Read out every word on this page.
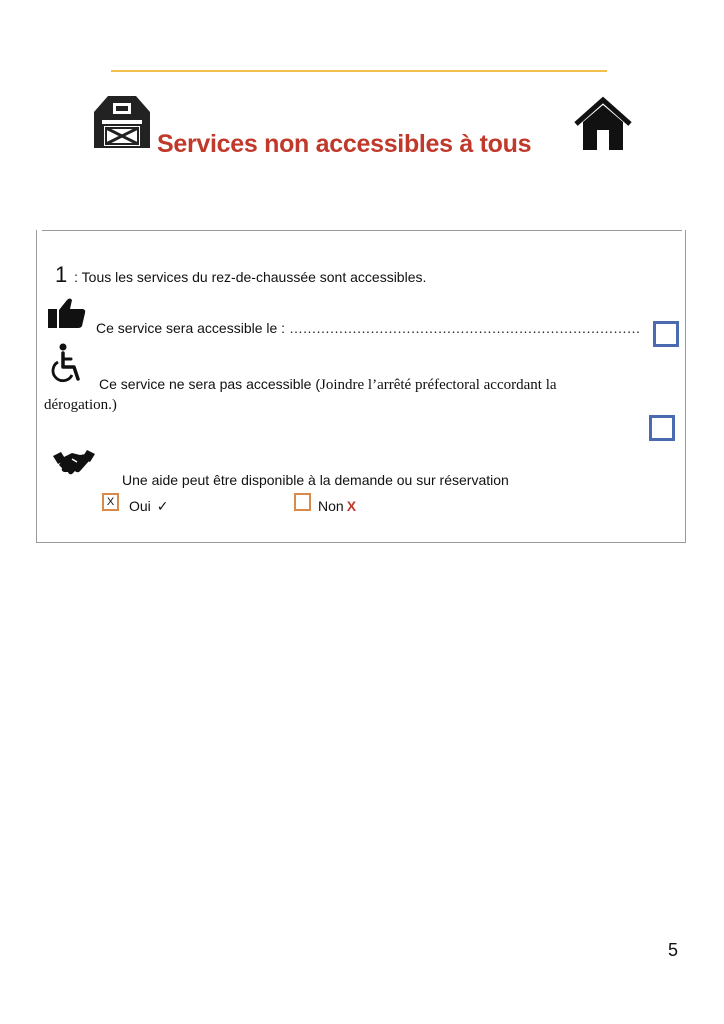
Services non accessibles à tous
1 : Tous les services du rez-de-chaussée sont accessibles.
Ce service sera accessible le : ……………………………………………………………………
Ce service ne sera pas accessible (Joindre l’arrêté préfectoral accordant la
dérogation.)
Une aide peut être disponible à la demande ou sur réservation
X	Oui ✓	Non X
5
